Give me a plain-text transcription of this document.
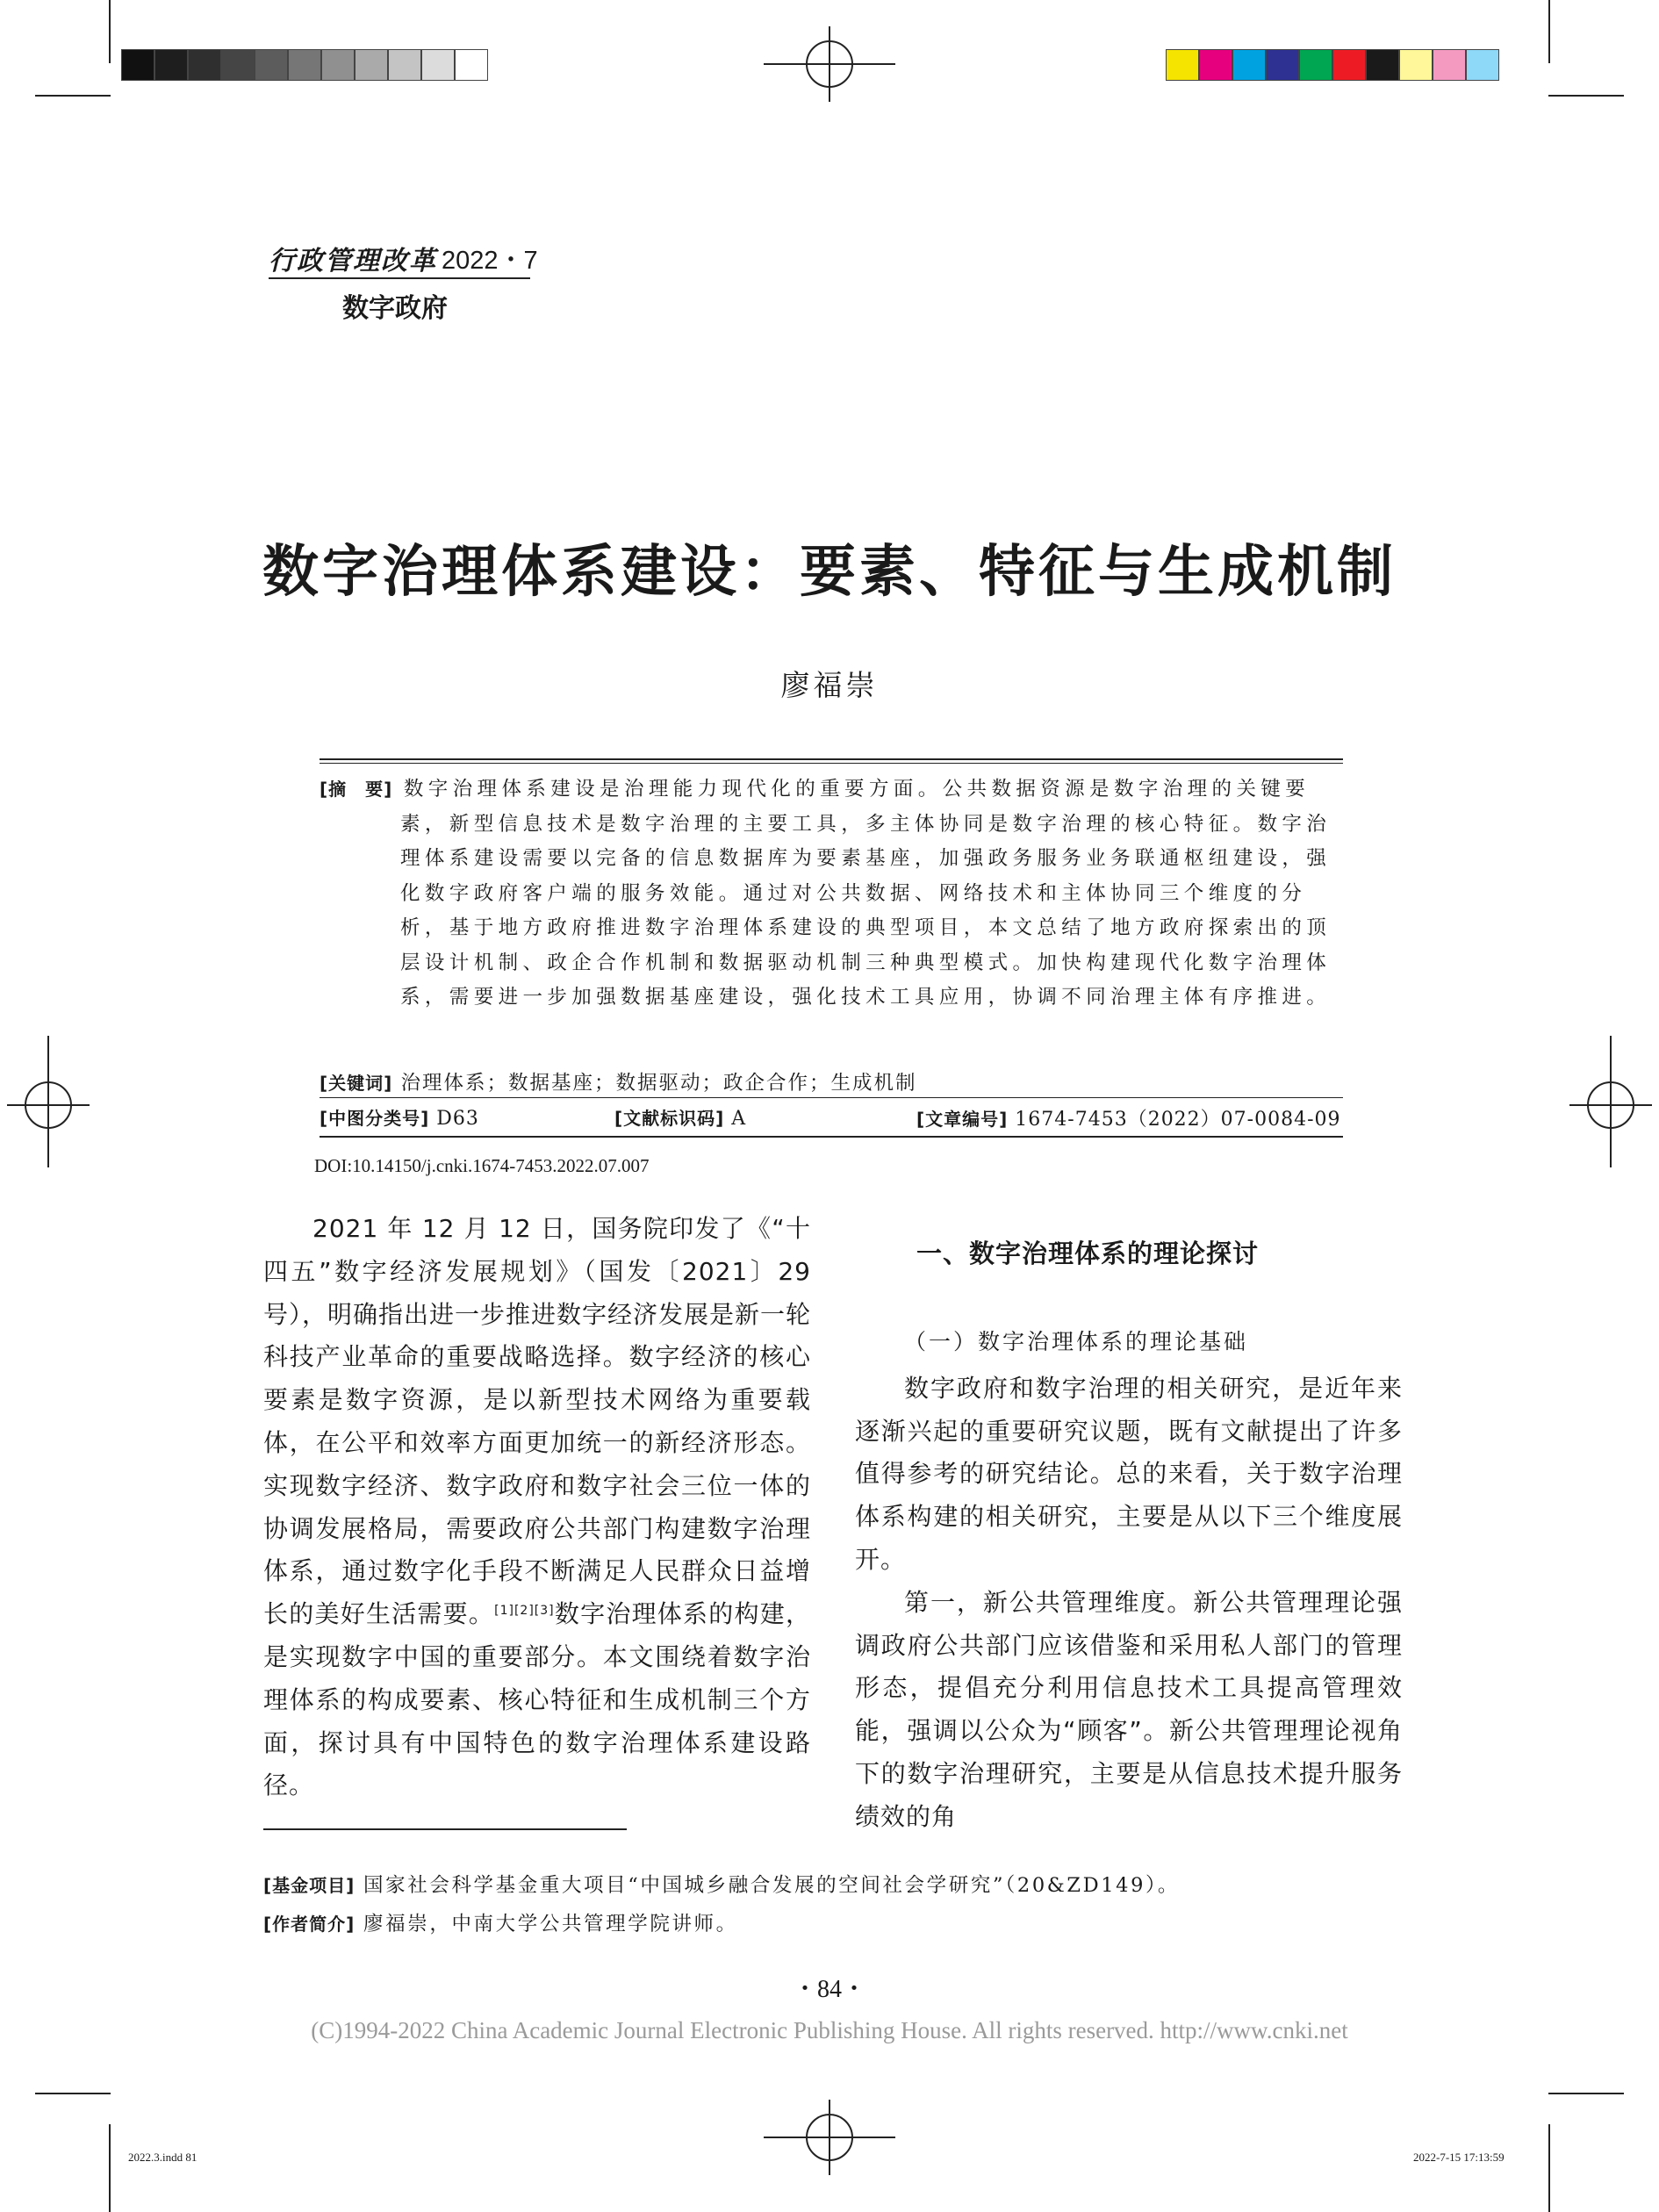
行政管理改革 2022・7
数字政府
数字治理体系建设：要素、特征与生成机制
廖福崇
[摘　要] 数字治理体系建设是治理能力现代化的重要方面。公共数据资源是数字治理的关键要素，新型信息技术是数字治理的主要工具，多主体协同是数字治理的核心特征。数字治理体系建设需要以完备的信息数据库为要素基座，加强政务服务业务联通枢纽建设，强化数字政府客户端的服务效能。通过对公共数据、网络技术和主体协同三个维度的分析，基于地方政府推进数字治理体系建设的典型项目，本文总结了地方政府探索出的顶层设计机制、政企合作机制和数据驱动机制三种典型模式。加快构建现代化数字治理体系，需要进一步加强数据基座建设，强化技术工具应用，协调不同治理主体有序推进。
[关键词] 治理体系；数据基座；数据驱动；政企合作；生成机制
[中图分类号] D63	[文献标识码] A	[文章编号] 1674-7453（2022）07-0084-09
DOI:10.14150/j.cnki.1674-7453.2022.07.007

2021 年 12 月 12 日，国务院印发了《“十四五”数字经济发展规划》（国发〔2021〕29 号），明确指出进一步推进数字经济发展是新一轮科技产业革命的重要战略选择。数字经济的核心要素是数字资源，是以新型技术网络为重要载体，在公平和效率方面更加统一的新经济形态。实现数字经济、数字政府和数字社会三位一体的协调发展格局，需要政府公共部门构建数字治理体系，通过数字化手段不断满足人民群众日益增长的美好生活需要。[1][2][3]数字治理体系的构建，是实现数字中国的重要部分。本文围绕着数字治理体系的构成要素、核心特征和生成机制三个方面，探讨具有中国特色的数字治理体系建设路径。

一、数字治理体系的理论探讨

（一）数字治理体系的理论基础

数字政府和数字治理的相关研究，是近年来逐渐兴起的重要研究议题，既有文献提出了许多值得参考的研究结论。总的来看，关于数字治理体系构建的相关研究，主要是从以下三个维度展开。

第一，新公共管理维度。新公共管理理论强调政府公共部门应该借鉴和采用私人部门的管理形态，提倡充分利用信息技术工具提高管理效能，强调以公众为“顾客”。新公共管理理论视角下的数字治理研究，主要是从信息技术提升服务绩效的角

[基金项目] 国家社会科学基金重大项目“中国城乡融合发展的空间社会学研究”（20&ZD149）。
[作者简介] 廖福崇，中南大学公共管理学院讲师。
・84・
(C)1994-2022 China Academic Journal Electronic Publishing House. All rights reserved. http://www.cnki.net
2022.3.indd 81	2022-7-15 17:13:59
